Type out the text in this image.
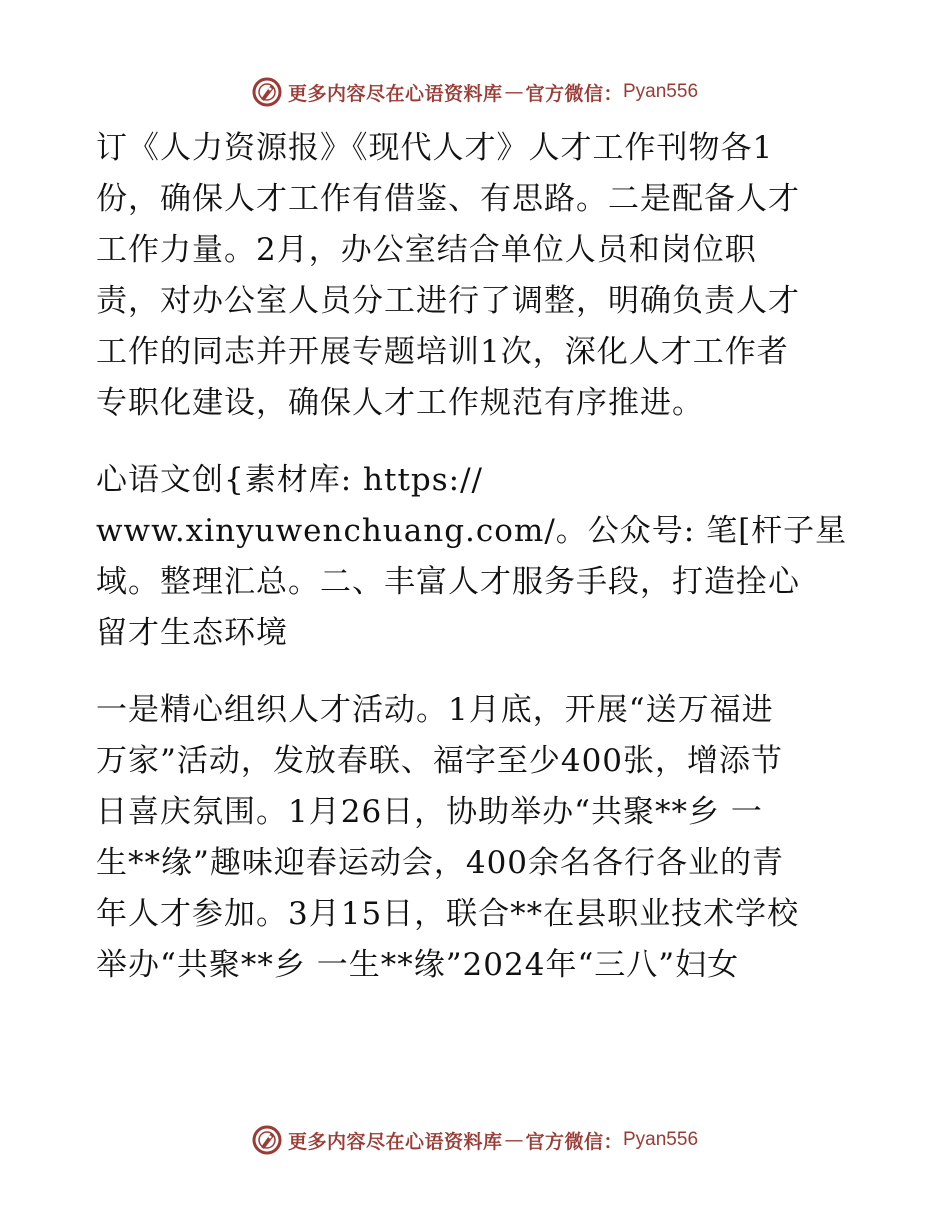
更多内容尽在心语资料库 — 官方微信： Pyan556
订《人力资源报》《现代人才》人才工作刊物各1
份，确保人才工作有借鉴、有思路。二是配备人才
工作力量。2月，办公室结合单位人员和岗位职
责，对办公室人员分工进行了调整，明确负责人才
工作的同志并开展专题培训1次，深化人才工作者
专职化建设，确保人才工作规范有序推进。
心语文创{素材库: https://
www.xinyuwenchuang.com/。公众号: 笔[杆子星
域。整理汇总。二、丰富人才服务手段，打造拴心
留才生态环境
一是精心组织人才活动。1月底，开展“送万福进
万家”活动，发放春联、福字至少400张，增添节
日喜庆氛围。1月26日，协助举办“共聚**乡 一
生**缘”趣味迎春运动会，400余名各行各业的青
年人才参加。3月15日，联合**在县职业技术学校
举办“共聚**乡 一生**缘”2024年“三八”妇女
更多内容尽在心语资料库 — 官方微信： Pyan556
